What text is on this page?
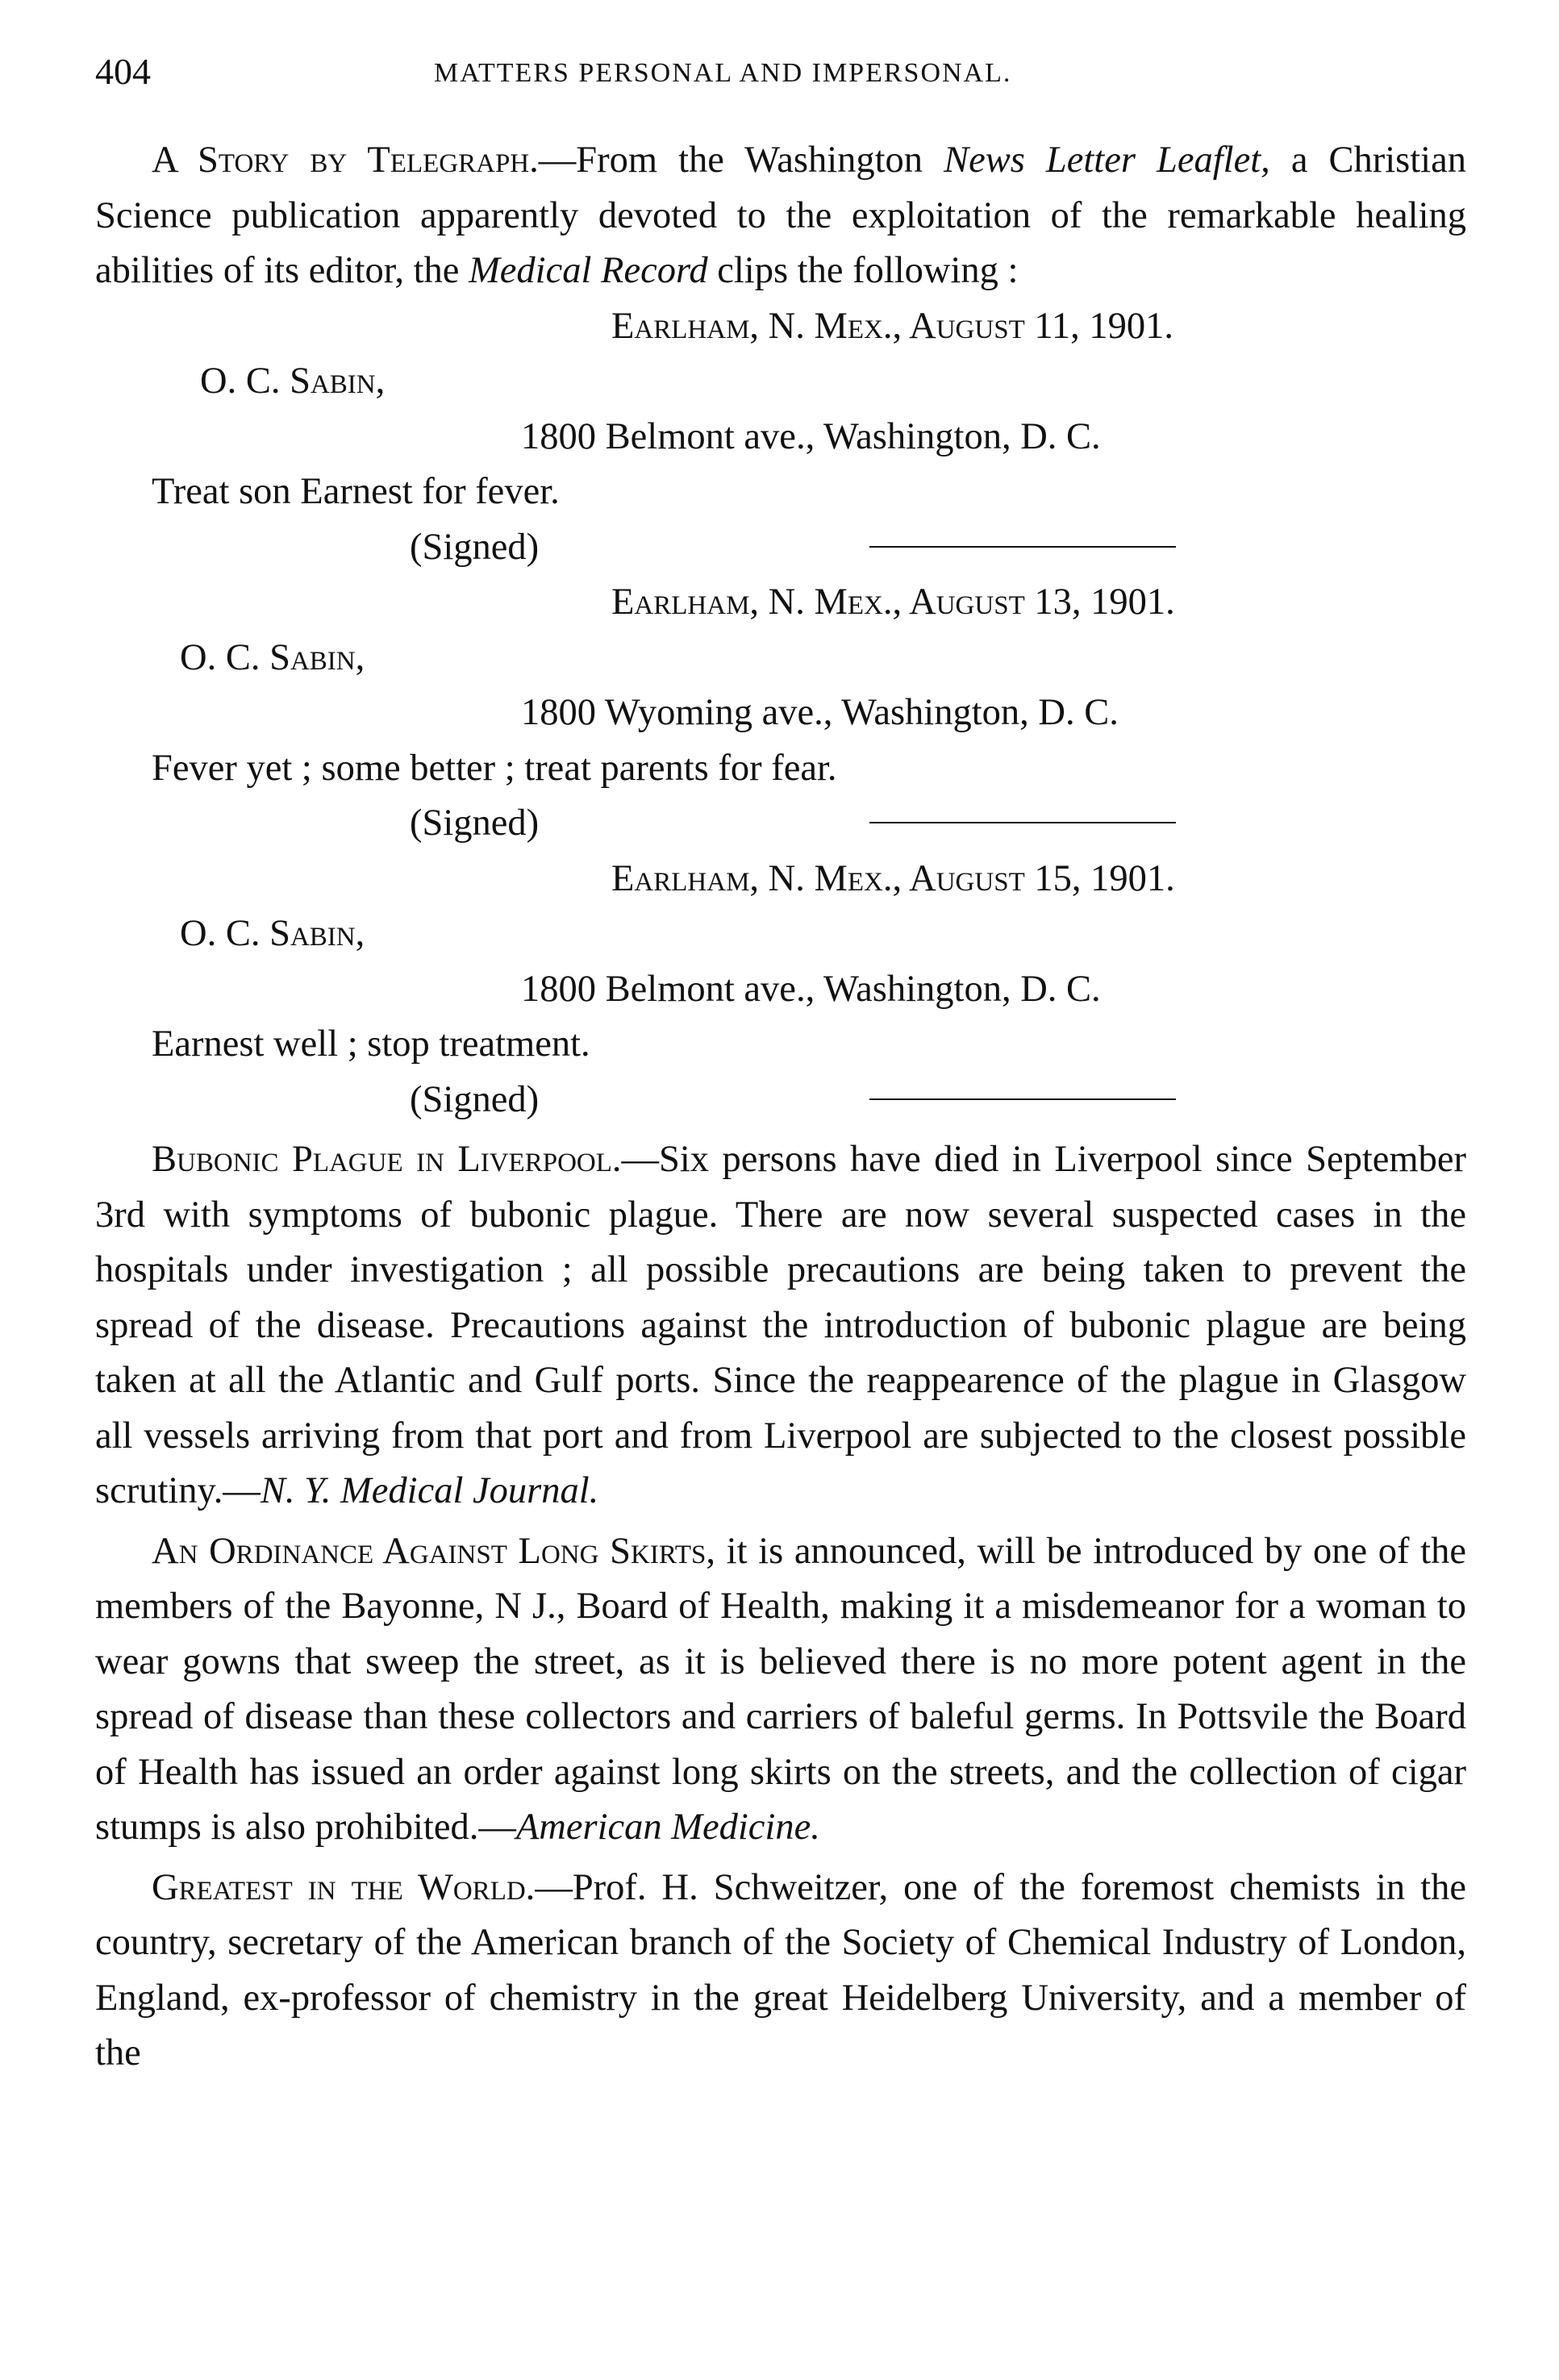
404	MATTERS PERSONAL AND IMPERSONAL.

A Story by Telegraph.—From the Washington News Letter Leaflet, a Christian Science publication apparently devoted to the exploitation of the remarkable healing abilities of its editor, the Medical Record clips the following :

Earlham, N. Mex., August 11, 1901.
O. C. Sabin,
1800 Belmont ave., Washington, D. C.
Treat son Earnest for fever.
(Signed)
Earlham, N. Mex., August 13, 1901.
O. C. Sabin,
1800 Wyoming ave., Washington, D. C.
Fever yet ; some better ; treat parents for fear.
(Signed)
Earlham, N. Mex., August 15, 1901.
O. C. Sabin,
1800 Belmont ave., Washington, D. C.
Earnest well ; stop treatment.
(Signed)

Bubonic Plague in Liverpool.—Six persons have died in Liverpool since September 3rd with symptoms of bubonic plague. There are now several suspected cases in the hospitals under investigation ; all possible precautions are being taken to prevent the spread of the disease. Precautions against the introduction of bubonic plague are being taken at all the Atlantic and Gulf ports. Since the reappearence of the plague in Glasgow all vessels arriving from that port and from Liverpool are subjected to the closest possible scrutiny.—N. Y. Medical Journal.

An Ordinance Against Long Skirts, it is announced, will be introduced by one of the members of the Bayonne, N J., Board of Health, making it a misdemeanor for a woman to wear gowns that sweep the street, as it is believed there is no more potent agent in the spread of disease than these collectors and carriers of baleful germs. In Pottsvile the Board of Health has issued an order against long skirts on the streets, and the collection of cigar stumps is also prohibited.—American Medicine.

Greatest in the World.—Prof. H. Schweitzer, one of the foremost chemists in the country, secretary of the American branch of the Society of Chemical Industry of London, England, ex-professor of chemistry in the great Heidelberg University, and a member of the
